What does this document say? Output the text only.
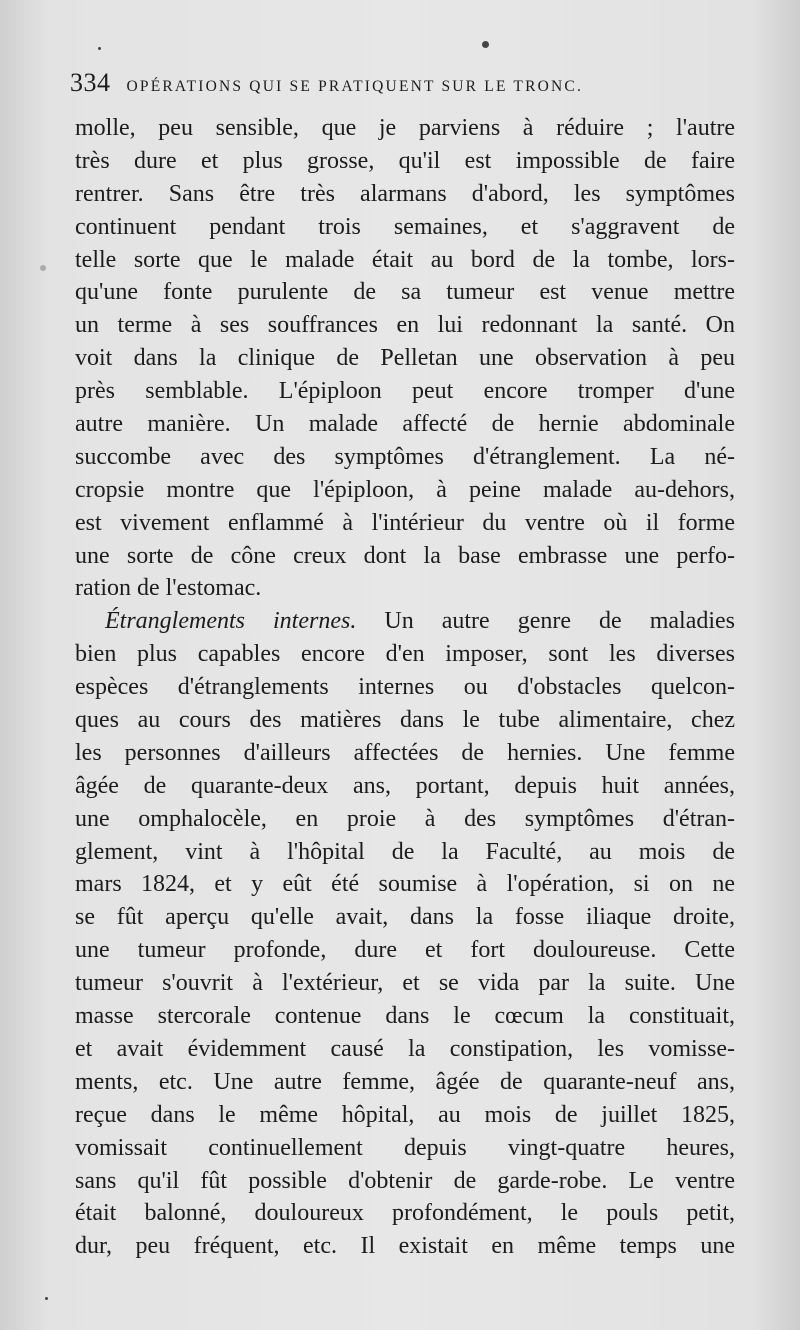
334 OPÉRATIONS QUI SE PRATIQUENT SUR LE TRONC.
molle, peu sensible, que je parviens à réduire ; l'autre
très dure et plus grosse, qu'il est impossible de faire
rentrer. Sans être très alarmans d'abord, les symptômes
continuent pendant trois semaines, et s'aggravent de
telle sorte que le malade était au bord de la tombe, lors-
qu'une fonte purulente de sa tumeur est venue mettre
un terme à ses souffrances en lui redonnant la santé. On
voit dans la clinique de Pelletan une observation à peu
près semblable. L'épiploon peut encore tromper d'une
autre manière. Un malade affecté de hernie abdominale
succombe avec des symptômes d'étranglement. La né-
cropsie montre que l'épiploon, à peine malade au-dehors,
est vivement enflammé à l'intérieur du ventre où il forme
une sorte de cône creux dont la base embrasse une perfo-
ration de l'estomac.
Étranglements internes. Un autre genre de maladies
bien plus capables encore d'en imposer, sont les diverses
espèces d'étranglements internes ou d'obstacles quelcon-
ques au cours des matières dans le tube alimentaire, chez
les personnes d'ailleurs affectées de hernies. Une femme
âgée de quarante-deux ans, portant, depuis huit années,
une omphalocèle, en proie à des symptômes d'étran-
glement, vint à l'hôpital de la Faculté, au mois de
mars 1824, et y eût été soumise à l'opération, si on ne
se fût aperçu qu'elle avait, dans la fosse iliaque droite,
une tumeur profonde, dure et fort douloureuse. Cette
tumeur s'ouvrit à l'extérieur, et se vida par la suite. Une
masse stercorale contenue dans le cœcum la constituait,
et avait évidemment causé la constipation, les vomisse-
ments, etc. Une autre femme, âgée de quarante-neuf ans,
reçue dans le même hôpital, au mois de juillet 1825,
vomissait continuellement depuis vingt-quatre heures,
sans qu'il fût possible d'obtenir de garde-robe. Le ventre
était balonné, douloureux profondément, le pouls petit,
dur, peu fréquent, etc. Il existait en même temps une
